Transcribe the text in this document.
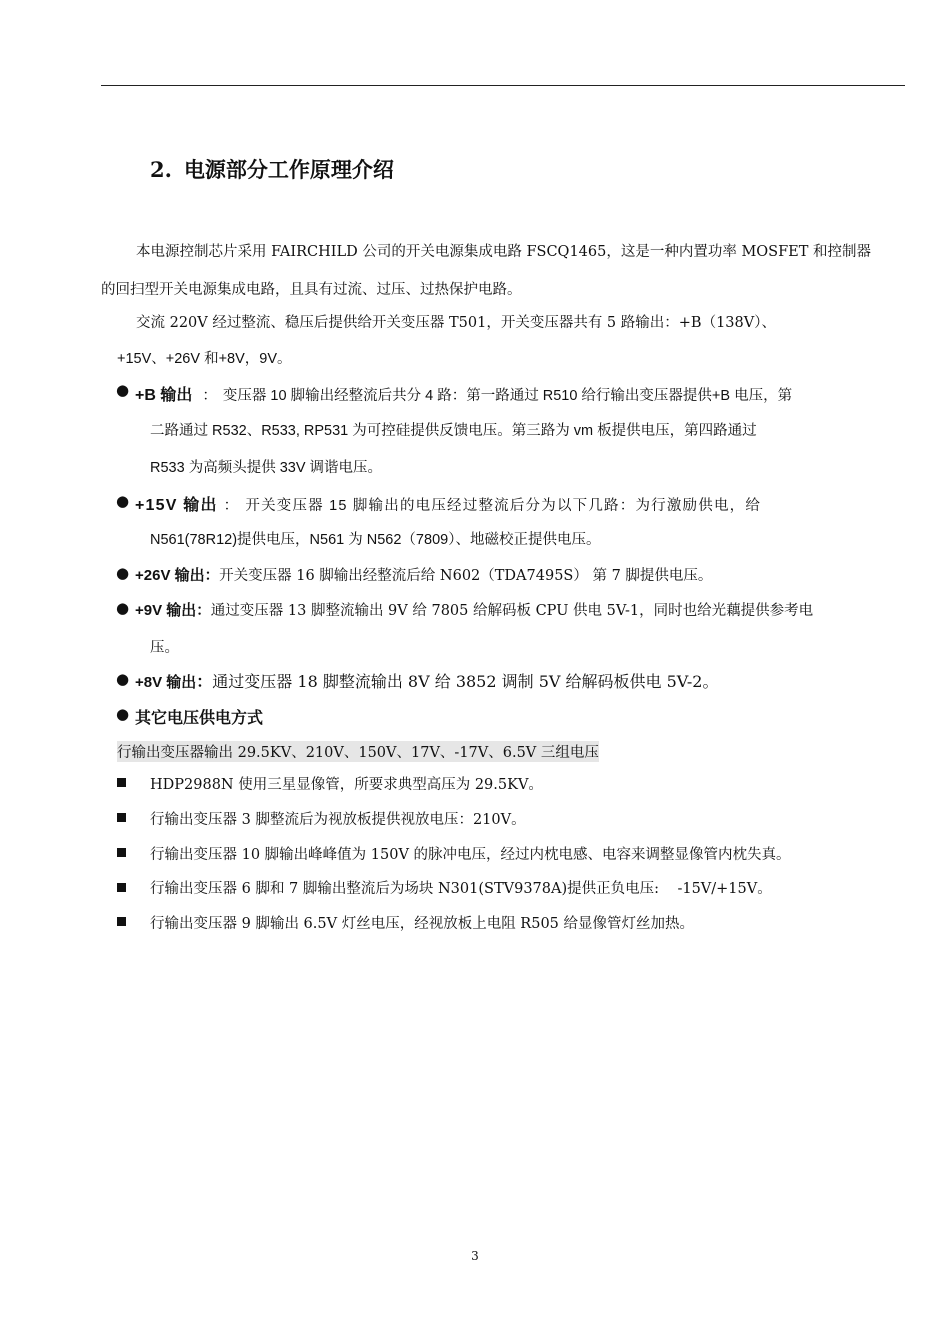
2. 电源部分工作原理介绍
本电源控制芯片采用 FAIRCHILD 公司的开关电源集成电路 FSCQ1465，这是一种内置功率 MOSFET 和控制器
的回扫型开关电源集成电路，且具有过流、过压、过热保护电路。
交流 220V 经过整流、稳压后提供给开关变压器 T501，开关变压器共有 5 路输出：+B（138V）、
+15V、+26V 和+8V，9V。
● +B 输出 ： 变压器 10 脚输出经整流后共分 4 路：第一路通过 R510 给行输出变压器提供+B 电压，第
二路通过 R532、R533, RP531 为可控硅提供反馈电压。第三路为 vm 板提供电压，第四路通过
R533 为高频头提供 33V 调谐电压。
● +15V 输出 ： 开关变压器 15 脚输出的电压经过整流后分为以下几路：为行激励供电，给
N561(78R12)提供电压，N561 为 N562（7809）、地磁校正提供电压。
● +26V 输出：开关变压器 16 脚输出经整流后给 N602（TDA7495S） 第 7 脚提供电压。
● +9V 输出：通过变压器 13 脚整流输出 9V 给 7805 给解码板 CPU 供电 5V-1，同时也给光藕提供参考电
压。
● +8V 输出：通过变压器 18 脚整流输出 8V 给 3852 调制 5V 给解码板供电 5V-2。
● 其它电压供电方式
行输出变压器输出 29.5KV、210V、150V、17V、-17V、6.5V 三组电压
HDP2988N 使用三星显像管，所要求典型高压为 29.5KV。
行输出变压器 3 脚整流后为视放板提供视放电压：210V。
行输出变压器 10 脚输出峰峰值为 150V 的脉冲电压，经过内枕电感、电容来调整显像管内枕失真。
行输出变压器 6 脚和 7 脚输出整流后为场块 N301(STV9378A)提供正负电压:    -15V/+15V。
行输出变压器 9 脚输出 6.5V 灯丝电压，经视放板上电阻 R505 给显像管灯丝加热。
3
